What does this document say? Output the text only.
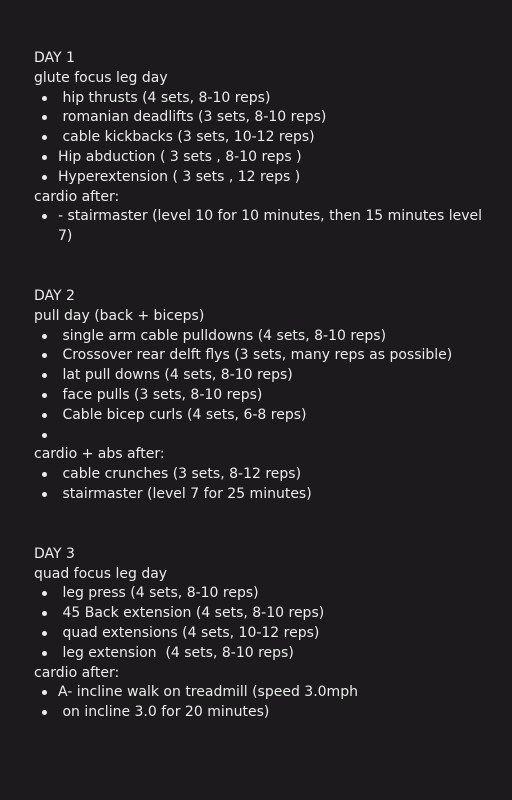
DAY 1
glute focus leg day
hip thrusts (4 sets, 8-10 reps)
romanian deadlifts (3 sets, 8-10 reps)
cable kickbacks (3 sets, 10-12 reps)
Hip abduction ( 3 sets , 8-10 reps )
Hyperextension ( 3 sets , 12 reps )
cardio after:
- stairmaster (level 10 for 10 minutes, then 15 minutes level 7)
DAY 2
pull day (back + biceps)
single arm cable pulldowns (4 sets, 8-10 reps)
Crossover rear delft flys (3 sets, many reps as possible)
lat pull downs (4 sets, 8-10 reps)
face pulls (3 sets, 8-10 reps)
Cable bicep curls (4 sets, 6-8 reps)
cardio + abs after:
cable crunches (3 sets, 8-12 reps)
stairmaster (level 7 for 25 minutes)
DAY 3
quad focus leg day
leg press (4 sets, 8-10 reps)
45 Back extension (4 sets, 8-10 reps)
quad extensions (4 sets, 10-12 reps)
leg extension  (4 sets, 8-10 reps)
cardio after:
A- incline walk on treadmill (speed 3.0mph
on incline 3.0 for 20 minutes)
